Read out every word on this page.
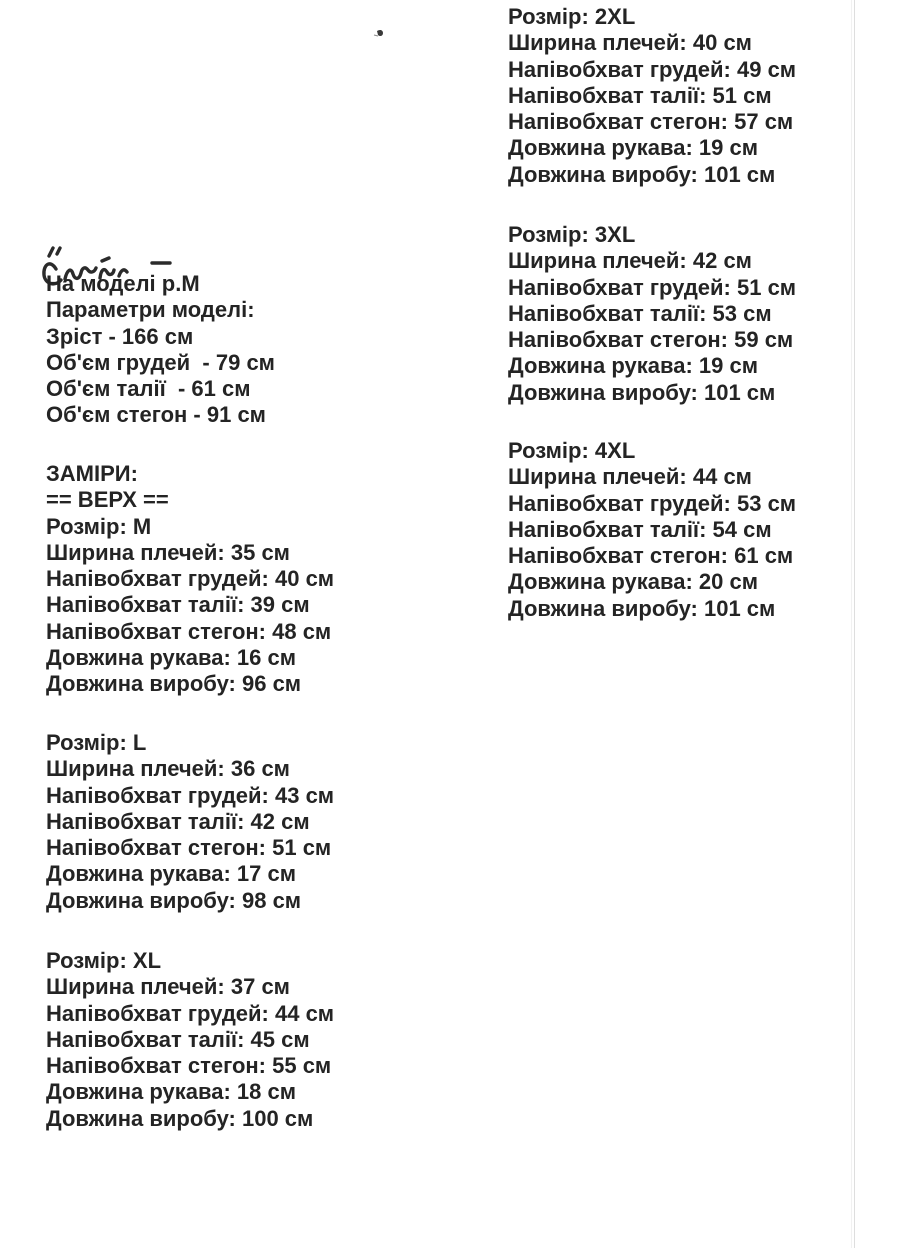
На моделі р.M
Параметри моделі:
Зріст - 166 см
Об'єм грудей  - 79 см
Об'єм талії  - 61 см
Об'єм стегон - 91 см
ЗАМІРИ:
== ВЕРХ ==
Розмір: M
Ширина плечей: 35 см
Напівобхват грудей: 40 см
Напівобхват талії: 39 см
Напівобхват стегон: 48 см
Довжина рукава: 16 см
Довжина виробу: 96 см
Розмір: L
Ширина плечей: 36 см
Напівобхват грудей: 43 см
Напівобхват талії: 42 см
Напівобхват стегон: 51 см
Довжина рукава: 17 см
Довжина виробу: 98 см
Розмір: XL
Ширина плечей: 37 см
Напівобхват грудей: 44 см
Напівобхват талії: 45 см
Напівобхват стегон: 55 см
Довжина рукава: 18 см
Довжина виробу: 100 см
Розмір: 2XL
Ширина плечей: 40 см
Напівобхват грудей: 49 см
Напівобхват талії: 51 см
Напівобхват стегон: 57 см
Довжина рукава: 19 см
Довжина виробу: 101 см
Розмір: 3XL
Ширина плечей: 42 см
Напівобхват грудей: 51 см
Напівобхват талії: 53 см
Напівобхват стегон: 59 см
Довжина рукава: 19 см
Довжина виробу: 101 см
Розмір: 4XL
Ширина плечей: 44 см
Напівобхват грудей: 53 см
Напівобхват талії: 54 см
Напівобхват стегон: 61 см
Довжина рукава: 20 см
Довжина виробу: 101 см
